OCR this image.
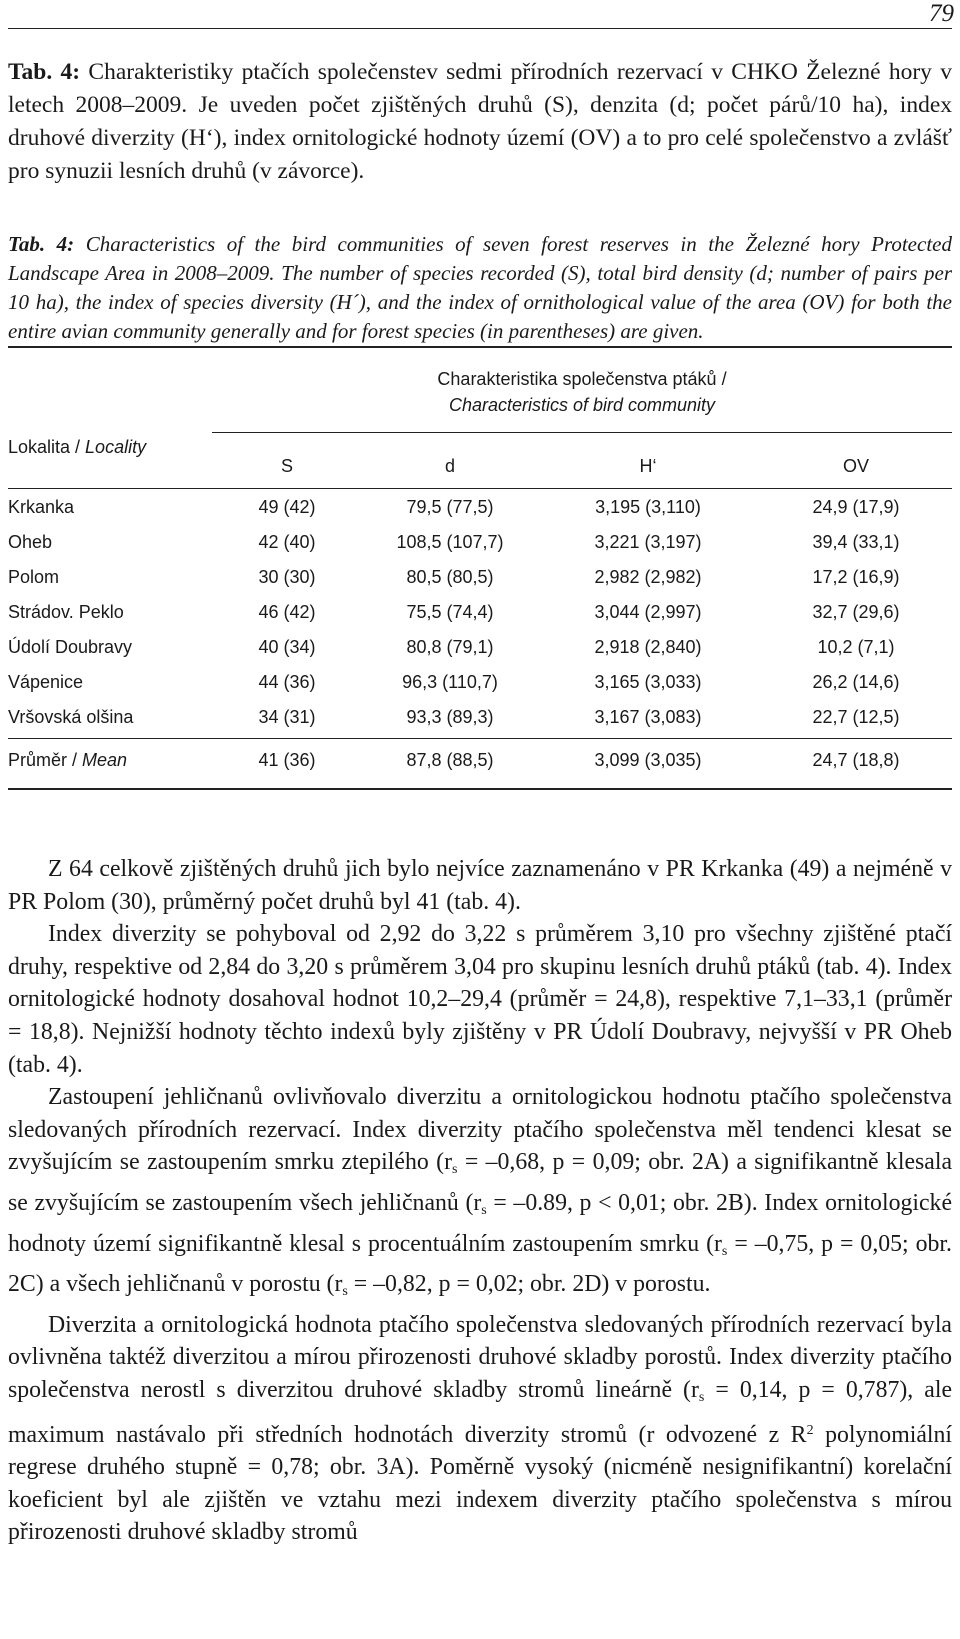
79
Tab. 4: Charakteristiky ptačích společenstev sedmi přírodních rezervací v CHKO Železné hory v letech 2008–2009. Je uveden počet zjištěných druhů (S), denzita (d; počet párů/10 ha), index druhové diverzity (H‘), index ornitologické hodnoty území (OV) a to pro celé společenstvo a zvlášť pro synuzii lesních druhů (v závorce).
Tab. 4: Characteristics of the bird communities of seven forest reserves in the Železné hory Protected Landscape Area in 2008–2009. The number of species recorded (S), total bird density (d; number of pairs per 10 ha), the index of species diversity (H´), and the index of ornithological value of the area (OV) for both the entire avian community generally and for forest species (in parentheses) are given.
Lokalita / Locality
Charakteristika společenstva ptáků /
Characteristics of bird community
S	d	H‘	OV
Krkanka	49 (42)	79,5 (77,5)	3,195 (3,110)	24,9 (17,9)
Oheb	42 (40)	108,5 (107,7)	3,221 (3,197)	39,4 (33,1)
Polom	30 (30)	80,5 (80,5)	2,982 (2,982)	17,2 (16,9)
Strádov. Peklo	46 (42)	75,5 (74,4)	3,044 (2,997)	32,7 (29,6)
Údolí Doubravy	40 (34)	80,8 (79,1)	2,918 (2,840)	10,2 (7,1)
Vápenice	44 (36)	96,3 (110,7)	3,165 (3,033)	26,2 (14,6)
Vršovská olšina	34 (31)	93,3 (89,3)	3,167 (3,083)	22,7 (12,5)
Průměr / Mean	41 (36)	87,8 (88,5)	3,099 (3,035)	24,7 (18,8)

Z 64 celkově zjištěných druhů jich bylo nejvíce zaznamenáno v PR Krkanka (49) a nejméně v PR Polom (30), průměrný počet druhů byl 41 (tab. 4).

Index diverzity se pohyboval od 2,92 do 3,22 s průměrem 3,10 pro všechny zjištěné ptačí druhy, respektive od 2,84 do 3,20 s průměrem 3,04 pro skupinu lesních druhů ptáků (tab. 4). Index ornitologické hodnoty dosahoval hodnot 10,2–29,4 (průměr = 24,8), respektive 7,1–33,1 (průměr = 18,8). Nejnižší hodnoty těchto indexů byly zjištěny v PR Údolí Doubravy, nejvyšší v PR Oheb (tab. 4).

Zastoupení jehličnanů ovlivňovalo diverzitu a ornitologickou hodnotu ptačího společenstva sledovaných přírodních rezervací. Index diverzity ptačího společenstva měl tendenci klesat se zvyšujícím se zastoupením smrku ztepilého ($r_s = -0,68$, p = 0,09; obr. 2A) a signifikantně klesala se zvyšujícím se zastoupením všech jehličnanů ($r_s = -0.89$, p < 0,01; obr. 2B). Index ornitologické hodnoty území signifikantně klesal s procentuálním zastoupením smrku ($r_s = -0,75$, p = 0,05; obr. 2C) a všech jehličnanů v porostu ($r_s = -0,82$, p = 0,02; obr. 2D) v porostu.

Diverzita a ornitologická hodnota ptačího společenstva sledovaných přírodních rezervací byla ovlivněna taktéž diverzitou a mírou přirozenosti druhové skladby porostů. Index diverzity ptačího společenstva nerostl s diverzitou druhové skladby stromů lineárně ($r_s = 0,14$, p = 0,787), ale maximum nastávalo při středních hodnotách diverzity stromů (r odvozené z $R^2$ polynomiální regrese druhého stupně = 0,78; obr. 3A). Poměrně vysoký (nicméně nesignifikantní) korelační koeficient byl ale zjištěn ve vztahu mezi indexem diverzity ptačího společenstva s mírou přirozenosti druhové skladby stromů
